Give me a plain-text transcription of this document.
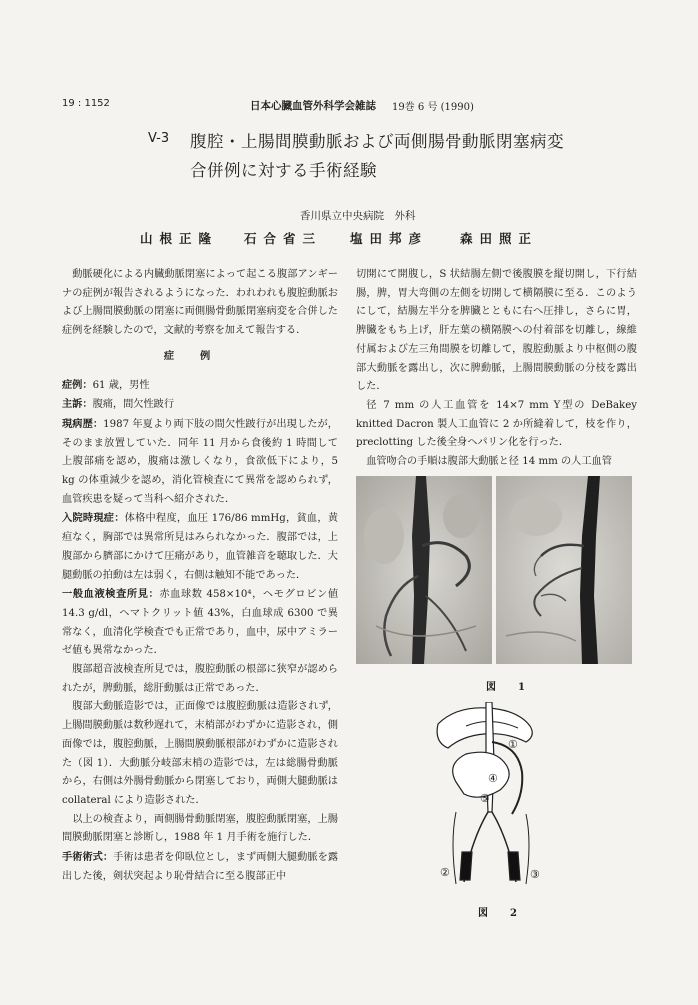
19 : 1152	日本心臓血管外科学会雑誌 19巻 6 号 (1990)
V-3 腹腔・上腸間膜動脈および両側腸骨動脈閉塞病変
合併例に対する手術経験
香川県立中央病院　外科
山根正隆 石合省三 塩田邦彦	森田照正

動脈硬化による内臓動脈閉塞によって起こる腹部アンギーナの症例が報告されるようになった．われわれも腹腔動脈および上腸間膜動脈の閉塞に両側腸骨動脈閉塞病変を合併した症例を経験したので，文献的考察を加えて報告する．

症例

症例：61 歳，男性

主訴：腹痛，間欠性跛行

現病歴：1987 年夏より両下肢の間欠性跛行が出現したが，そのまま放置していた．同年 11 月から食後約 1 時間して上腹部痛を認め，腹痛は激しくなり，食欲低下により，5 kg の体重減少を認め，消化管検査にて異常を認められず，血管疾患を疑って当科へ紹介された．

入院時現症：体格中程度，血圧 176/86 mmHg，貧血，黄疸なく，胸部では異常所見はみられなかった．腹部では，上腹部から臍部にかけて圧痛があり，血管雑音を聴取した．大腿動脈の拍動は左は弱く，右側は触知不能であった．

一般血液検査所見：赤血球数 458×10⁴，ヘモグロビン値 14.3 g/dl，ヘマトクリット値 43%，白血球成 6300 で異常なく，血清化学検査でも正常であり，血中，尿中アミラーゼ値も異常なかった．

腹部超音波検査所見では，腹腔動脈の根部に狭窄が認められたが，脾動脈，総肝動脈は正常であった．

腹部大動脈造影では，正面像では腹腔動脈は造影されず，上腸間膜動脈は数秒遅れて，末梢部がわずかに造影され，側面像では，腹腔動脈，上腸間膜動脈根部がわずかに造影された（図 1）．大動脈分岐部末梢の造影では，左は総腸骨動脈から，右側は外腸骨動脈から閉塞しており，両側大腿動脈は collateral により造影された．

以上の検査より，両側腸骨動脈閉塞，腹腔動脈閉塞，上腸間膜動脈閉塞と診断し，1988 年 1 月手術を施行した．

手術術式：手術は患者を仰臥位とし，まず両側大腿動脈を露出した後，剣状突起より恥骨結合に至る腹部正中

切開にて開腹し，S 状結腸左側で後腹膜を縦切開し，下行結腸，脾，胃大弯側の左側を切開して横隔膜に至る．このようにして，結腸左半分を脾臓とともに右へ圧排し，さらに胃，脾臓をもち上げ，肝左葉の横隔膜への付着部を切離し，線維付属および左三角間膜を切離して，腹腔動脈より中枢側の腹部大動脈を露出し，次に脾動脈，上腸間膜動脈の分枝を露出した．

径 7 mm の人工血管を 14×7 mm Y型の DeBakey knitted Dacron 製人工血管に 2 か所縫着して，枝を作り，preclotting した後全身ヘパリン化を行った．

血管吻合の手順は腹部大動脈と径 14 mm の人工血管

図　1
①
②	③
④
⑤
図　2
